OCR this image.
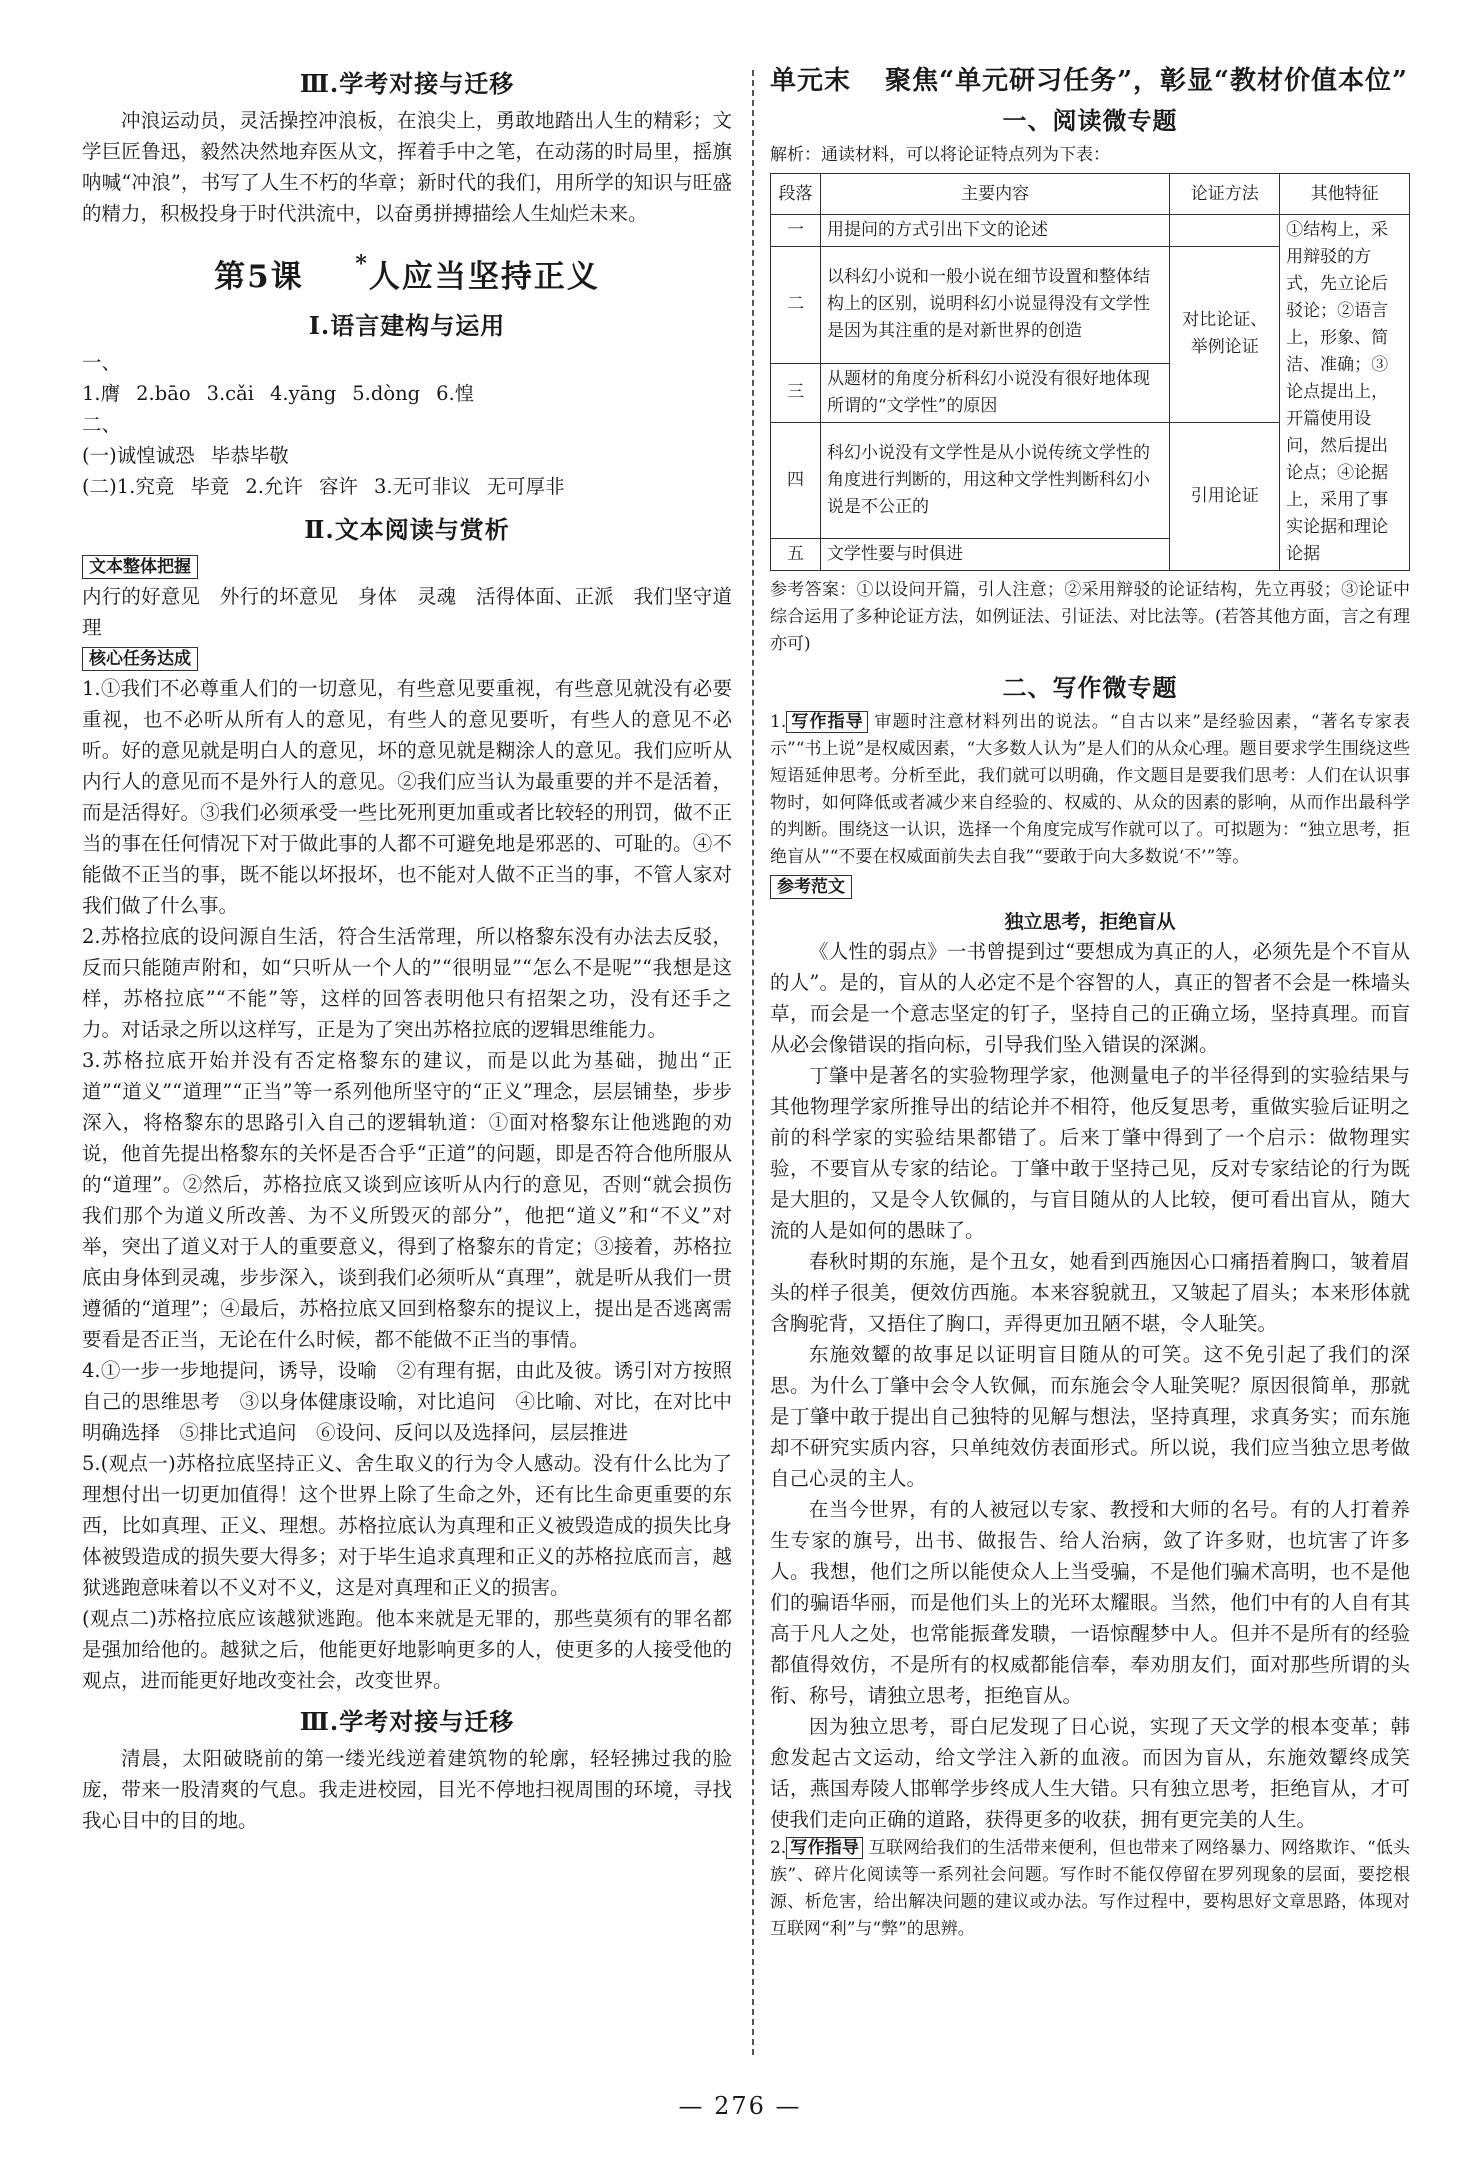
Ⅲ.学考对接与迁移

冲浪运动员，灵活操控冲浪板，在浪尖上，勇敢地踏出人生的精彩；文学巨匠鲁迅，毅然决然地弃医从文，挥着手中之笔，在动荡的时局里，摇旗呐喊“冲浪”，书写了人生不朽的华章；新时代的我们，用所学的知识与旺盛的精力，积极投身于时代洪流中，以奋勇拼搏描绘人生灿烂未来。

第5课 *人应当坚持正义
Ⅰ.语言建构与运用

一、

1.膺 2.bāo 3.cǎi 4.yāng 5.dòng 6.惶

二、

(一)诚惶诚恐 毕恭毕敬

(二)1.究竟 毕竟 2.允许 容许 3.无可非议 无可厚非

Ⅱ.文本阅读与赏析
文本整体把握

内行的好意见　外行的坏意见　身体　灵魂　活得体面、正派　我们坚守道理

核心任务达成

1.①我们不必尊重人们的一切意见，有些意见要重视，有些意见就没有必要重视，也不必听从所有人的意见，有些人的意见要听，有些人的意见不必听。好的意见就是明白人的意见，坏的意见就是糊涂人的意见。我们应听从内行人的意见而不是外行人的意见。②我们应当认为最重要的并不是活着，而是活得好。③我们必须承受一些比死刑更加重或者比较轻的刑罚，做不正当的事在任何情况下对于做此事的人都不可避免地是邪恶的、可耻的。④不能做不正当的事，既不能以坏报坏，也不能对人做不正当的事，不管人家对我们做了什么事。

2.苏格拉底的设问源自生活，符合生活常理，所以格黎东没有办法去反驳，反而只能随声附和，如“只听从一个人的”“很明显”“怎么不是呢”“我想是这样，苏格拉底”“不能”等，这样的回答表明他只有招架之功，没有还手之力。对话录之所以这样写，正是为了突出苏格拉底的逻辑思维能力。

3.苏格拉底开始并没有否定格黎东的建议，而是以此为基础，抛出“正道”“道义”“道理”“正当”等一系列他所坚守的“正义”理念，层层铺垫，步步深入，将格黎东的思路引入自己的逻辑轨道：①面对格黎东让他逃跑的劝说，他首先提出格黎东的关怀是否合乎“正道”的问题，即是否符合他所服从的“道理”。②然后，苏格拉底又谈到应该听从内行的意见，否则“就会损伤我们那个为道义所改善、为不义所毁灭的部分”，他把“道义”和“不义”对举，突出了道义对于人的重要意义，得到了格黎东的肯定；③接着，苏格拉底由身体到灵魂，步步深入，谈到我们必须听从“真理”，就是听从我们一贯遵循的“道理”；④最后，苏格拉底又回到格黎东的提议上，提出是否逃离需要看是否正当，无论在什么时候，都不能做不正当的事情。

4.①一步一步地提问，诱导，设喻　②有理有据，由此及彼。诱引对方按照自己的思维思考　③以身体健康设喻，对比追问　④比喻、对比，在对比中明确选择　⑤排比式追问　⑥设问、反问以及选择问，层层推进

5.(观点一)苏格拉底坚持正义、舍生取义的行为令人感动。没有什么比为了理想付出一切更加值得！这个世界上除了生命之外，还有比生命更重要的东西，比如真理、正义、理想。苏格拉底认为真理和正义被毁造成的损失比身体被毁造成的损失要大得多；对于毕生追求真理和正义的苏格拉底而言，越狱逃跑意味着以不义对不义，这是对真理和正义的损害。

(观点二)苏格拉底应该越狱逃跑。他本来就是无罪的，那些莫须有的罪名都是强加给他的。越狱之后，他能更好地影响更多的人，使更多的人接受他的观点，进而能更好地改变社会，改变世界。

Ⅲ.学考对接与迁移

清晨，太阳破晓前的第一缕光线逆着建筑物的轮廓，轻轻拂过我的脸庞，带来一股清爽的气息。我走进校园，目光不停地扫视周围的环境，寻找我心目中的目的地。

单元末 聚焦“单元研习任务”，彰显“教材价值本位”
一、阅读微专题

解析：通读材料，可以将论证特点列为下表：

段落	主要内容	论证方法	其他特征
一	用提问的方式引出下文的论述		①结构上，采用辩驳的方式，先立论后驳论；②语言上，形象、简洁、准确；③论点提出上，开篇使用设问，然后提出论点；④论据上，采用了事实论据和理论论据
二	以科幻小说和一般小说在细节设置和整体结构上的区别，说明科幻小说显得没有文学性是因为其注重的是对新世界的创造	对比论证、举例论证	
三	从题材的角度分析科幻小说没有很好地体现所谓的“文学性”的原因		
四	科幻小说没有文学性是从小说传统文学性的角度进行判断的，用这种文学性判断科幻小说是不公正的	引用论证	
五	文学性要与时俱进		

参考答案：①以设问开篇，引人注意；②采用辩驳的论证结构，先立再驳；③论证中综合运用了多种论证方法，如例证法、引证法、对比法等。(若答其他方面，言之有理亦可)

二、写作微专题

1. 写作指导 审题时注意材料列出的说法。“自古以来”是经验因素，“著名专家表示”“书上说”是权威因素，“大多数人认为”是人们的从众心理。题目要求学生围绕这些短语延伸思考。分析至此，我们就可以明确，作文题目是要我们思考：人们在认识事物时，如何降低或者减少来自经验的、权威的、从众的因素的影响，从而作出最科学的判断。围绕这一认识，选择一个角度完成写作就可以了。可拟题为：“独立思考，拒绝盲从”“不要在权威面前失去自我”“要敢于向大多数说‘不’”等。

参考范文
独立思考，拒绝盲从

《人性的弱点》一书曾提到过“要想成为真正的人，必须先是个不盲从的人”。是的，盲从的人必定不是个容智的人，真正的智者不会是一株墙头草，而会是一个意志坚定的钉子，坚持自己的正确立场，坚持真理。而盲从必会像错误的指向标，引导我们坠入错误的深渊。

丁肇中是著名的实验物理学家，他测量电子的半径得到的实验结果与其他物理学家所推导出的结论并不相符，他反复思考，重做实验后证明之前的科学家的实验结果都错了。后来丁肇中得到了一个启示：做物理实验，不要盲从专家的结论。丁肇中敢于坚持己见，反对专家结论的行为既是大胆的，又是令人钦佩的，与盲目随从的人比较，便可看出盲从，随大流的人是如何的愚昧了。

春秋时期的东施，是个丑女，她看到西施因心口痛捂着胸口，皱着眉头的样子很美，便效仿西施。本来容貌就丑，又皱起了眉头；本来形体就含胸驼背，又捂住了胸口，弄得更加丑陋不堪，令人耻笑。

东施效颦的故事足以证明盲目随从的可笑。这不免引起了我们的深思。为什么丁肇中会令人钦佩，而东施会令人耻笑呢？原因很简单，那就是丁肇中敢于提出自己独特的见解与想法，坚持真理，求真务实；而东施却不研究实质内容，只单纯效仿表面形式。所以说，我们应当独立思考做自己心灵的主人。

在当今世界，有的人被冠以专家、教授和大师的名号。有的人打着养生专家的旗号，出书、做报告、给人治病，敛了许多财，也坑害了许多人。我想，他们之所以能使众人上当受骗，不是他们骗术高明，也不是他们的骗语华丽，而是他们头上的光环太耀眼。当然，他们中有的人自有其高于凡人之处，也常能振聋发聩，一语惊醒梦中人。但并不是所有的经验都值得效仿，不是所有的权威都能信奉，奉劝朋友们，面对那些所谓的头衔、称号，请独立思考，拒绝盲从。

因为独立思考，哥白尼发现了日心说，实现了天文学的根本变革；韩愈发起古文运动，给文学注入新的血液。而因为盲从，东施效颦终成笑话，燕国寿陵人邯郸学步终成人生大错。只有独立思考，拒绝盲从，才可使我们走向正确的道路，获得更多的收获，拥有更完美的人生。

2. 写作指导 互联网给我们的生活带来便利，但也带来了网络暴力、网络欺诈、“低头族”、碎片化阅读等一系列社会问题。写作时不能仅停留在罗列现象的层面，要挖根源、析危害，给出解决问题的建议或办法。写作过程中，要构思好文章思路，体现对互联网“利”与“弊”的思辨。

— 276 —
